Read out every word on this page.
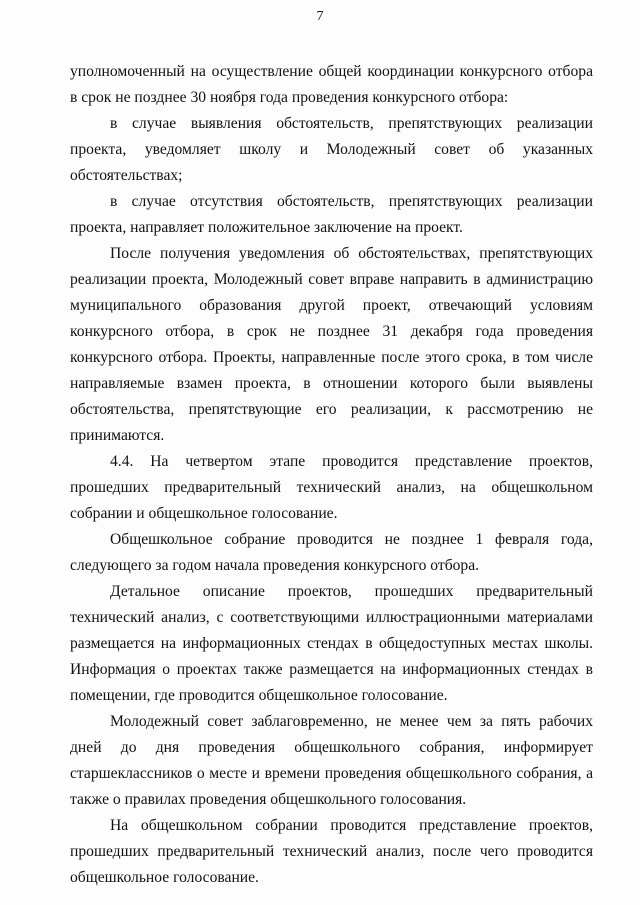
7

уполномоченный на осуществление общей координации конкурсного отбора в срок не позднее 30 ноября года проведения конкурсного отбора:

в случае выявления обстоятельств, препятствующих реализации проекта, уведомляет школу и Молодежный совет об указанных обстоятельствах;

в случае отсутствия обстоятельств, препятствующих реализации проекта, направляет положительное заключение на проект.

После получения уведомления об обстоятельствах, препятствующих реализации проекта, Молодежный совет вправе направить в администрацию муниципального образования другой проект, отвечающий условиям конкурсного отбора, в срок не позднее 31 декабря года проведения конкурсного отбора. Проекты, направленные после этого срока, в том числе направляемые взамен проекта, в отношении которого были выявлены обстоятельства, препятствующие его реализации, к рассмотрению не принимаются.

4.4. На четвертом этапе проводится представление проектов, прошедших предварительный технический анализ, на общешкольном собрании и общешкольное голосование.

Общешкольное собрание проводится не позднее 1 февраля года, следующего за годом начала проведения конкурсного отбора.

Детальное описание проектов, прошедших предварительный технический анализ, с соответствующими иллюстрационными материалами размещается на информационных стендах в общедоступных местах школы. Информация о проектах также размещается на информационных стендах в помещении, где проводится общешкольное голосование.

Молодежный совет заблаговременно, не менее чем за пять рабочих дней до дня проведения общешкольного собрания, информирует старшеклассников о месте и времени проведения общешкольного собрания, а также о правилах проведения общешкольного голосования.

На общешкольном собрании проводится представление проектов, прошедших предварительный технический анализ, после чего проводится общешкольное голосование.
